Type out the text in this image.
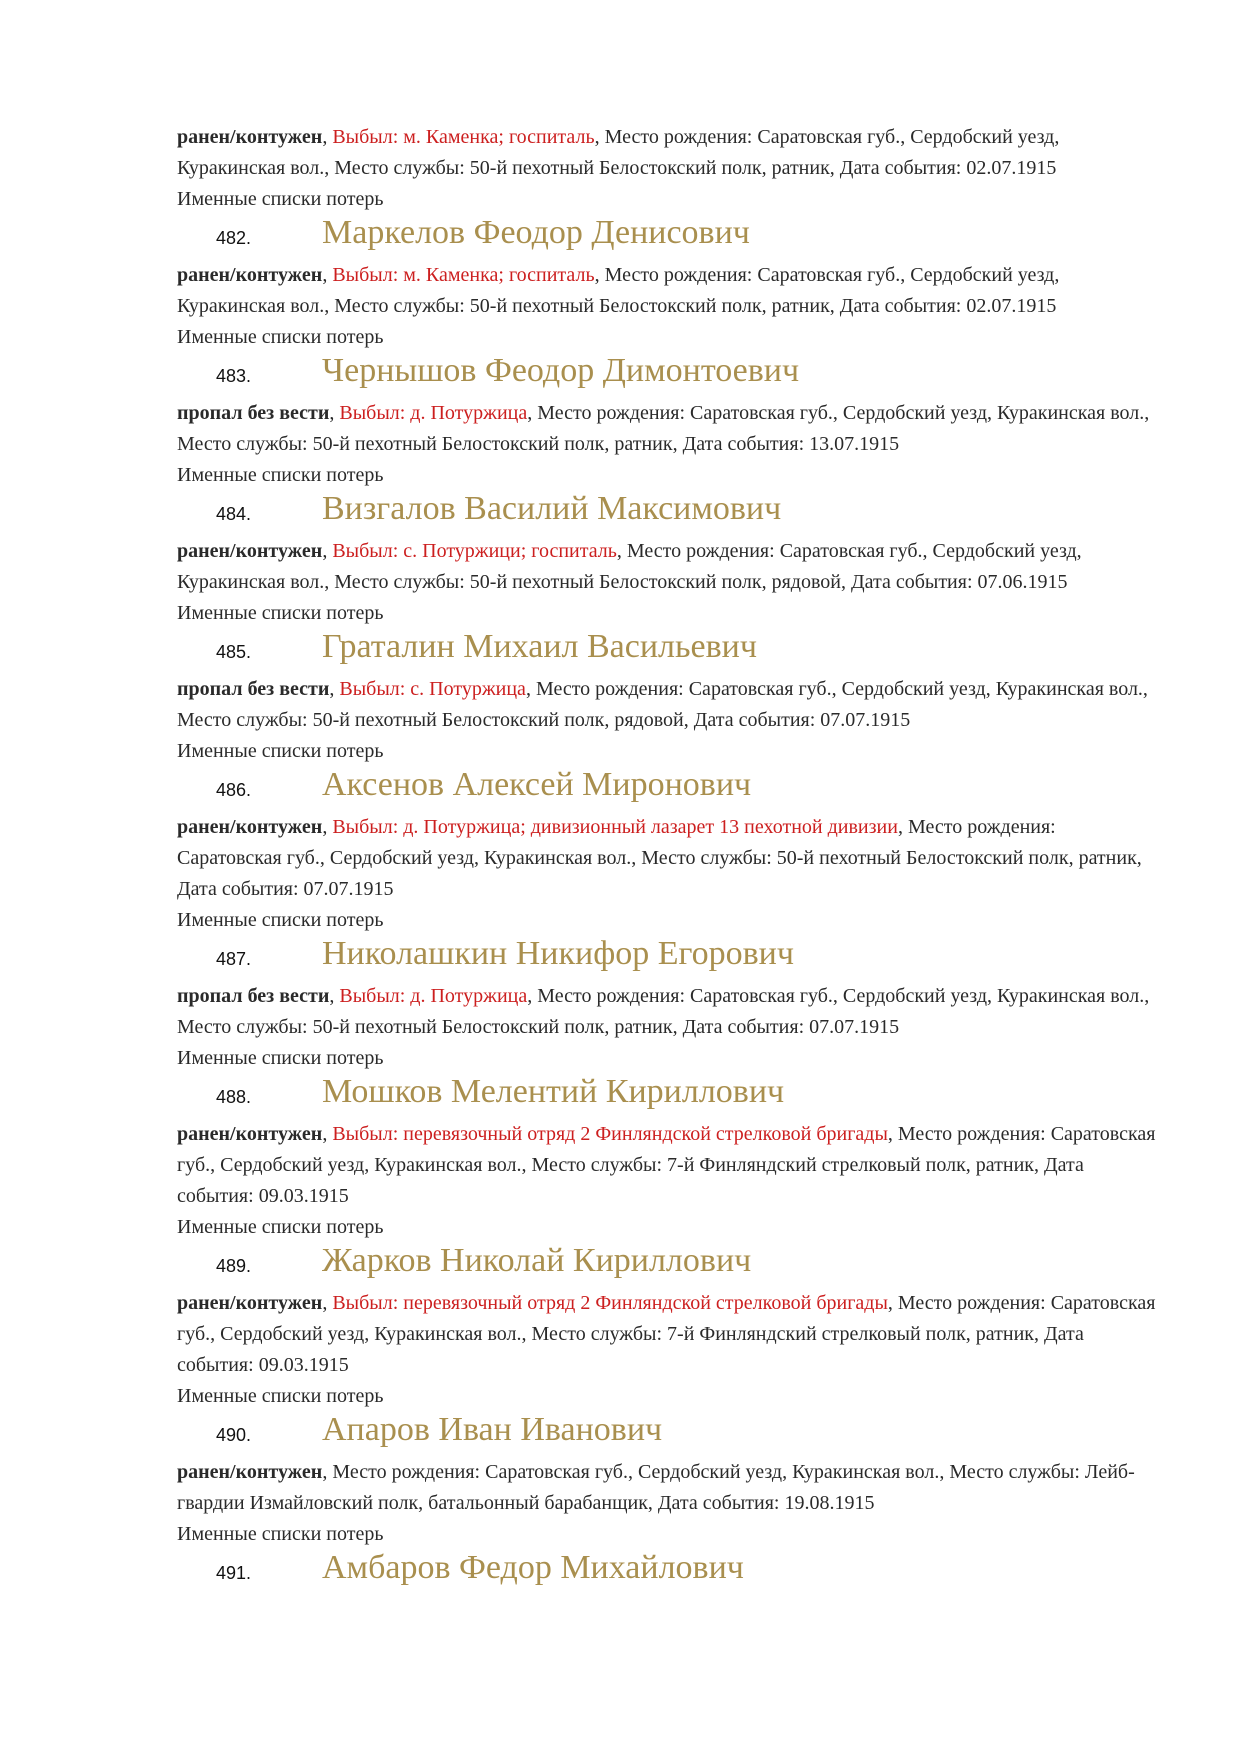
ранен/контужен, Выбыл: м. Каменка; госпиталь, Место рождения: Саратовская губ., Сердобский уезд, Куракинская вол., Место службы: 50-й пехотный Белостокский полк, ратник, Дата события: 02.07.1915

Именные списки потерь

482. Маркелов Феодор Денисович

ранен/контужен, Выбыл: м. Каменка; госпиталь, Место рождения: Саратовская губ., Сердобский уезд, Куракинская вол., Место службы: 50-й пехотный Белостокский полк, ратник, Дата события: 02.07.1915

Именные списки потерь

483. Чернышов Феодор Димонтоевич

пропал без вести, Выбыл: д. Потуржица, Место рождения: Саратовская губ., Сердобский уезд, Куракинская вол., Место службы: 50-й пехотный Белостокский полк, ратник, Дата события: 13.07.1915

Именные списки потерь

484. Визгалов Василий Максимович

ранен/контужен, Выбыл: с. Потуржици; госпиталь, Место рождения: Саратовская губ., Сердобский уезд, Куракинская вол., Место службы: 50-й пехотный Белостокский полк, рядовой, Дата события: 07.06.1915

Именные списки потерь

485. Граталин Михаил Васильевич

пропал без вести, Выбыл: с. Потуржица, Место рождения: Саратовская губ., Сердобский уезд, Куракинская вол., Место службы: 50-й пехотный Белостокский полк, рядовой, Дата события: 07.07.1915

Именные списки потерь

486. Аксенов Алексей Миронович

ранен/контужен, Выбыл: д. Потуржица; дивизионный лазарет 13 пехотной дивизии, Место рождения: Саратовская губ., Сердобский уезд, Куракинская вол., Место службы: 50-й пехотный Белостокский полк, ратник, Дата события: 07.07.1915

Именные списки потерь

487. Николашкин Никифор Егорович

пропал без вести, Выбыл: д. Потуржица, Место рождения: Саратовская губ., Сердобский уезд, Куракинская вол., Место службы: 50-й пехотный Белостокский полк, ратник, Дата события: 07.07.1915

Именные списки потерь

488. Мошков Мелентий Кириллович

ранен/контужен, Выбыл: перевязочный отряд 2 Финляндской стрелковой бригады, Место рождения: Саратовская губ., Сердобский уезд, Куракинская вол., Место службы: 7-й Финляндский стрелковый полк, ратник, Дата события: 09.03.1915

Именные списки потерь

489. Жарков Николай Кириллович

ранен/контужен, Выбыл: перевязочный отряд 2 Финляндской стрелковой бригады, Место рождения: Саратовская губ., Сердобский уезд, Куракинская вол., Место службы: 7-й Финляндский стрелковый полк, ратник, Дата события: 09.03.1915

Именные списки потерь

490. Апаров Иван Иванович

ранен/контужен, Место рождения: Саратовская губ., Сердобский уезд, Куракинская вол., Место службы: Лейб-гвардии Измайловский полк, батальонный барабанщик, Дата события: 19.08.1915

Именные списки потерь

491. Амбаров Федор Михайлович
